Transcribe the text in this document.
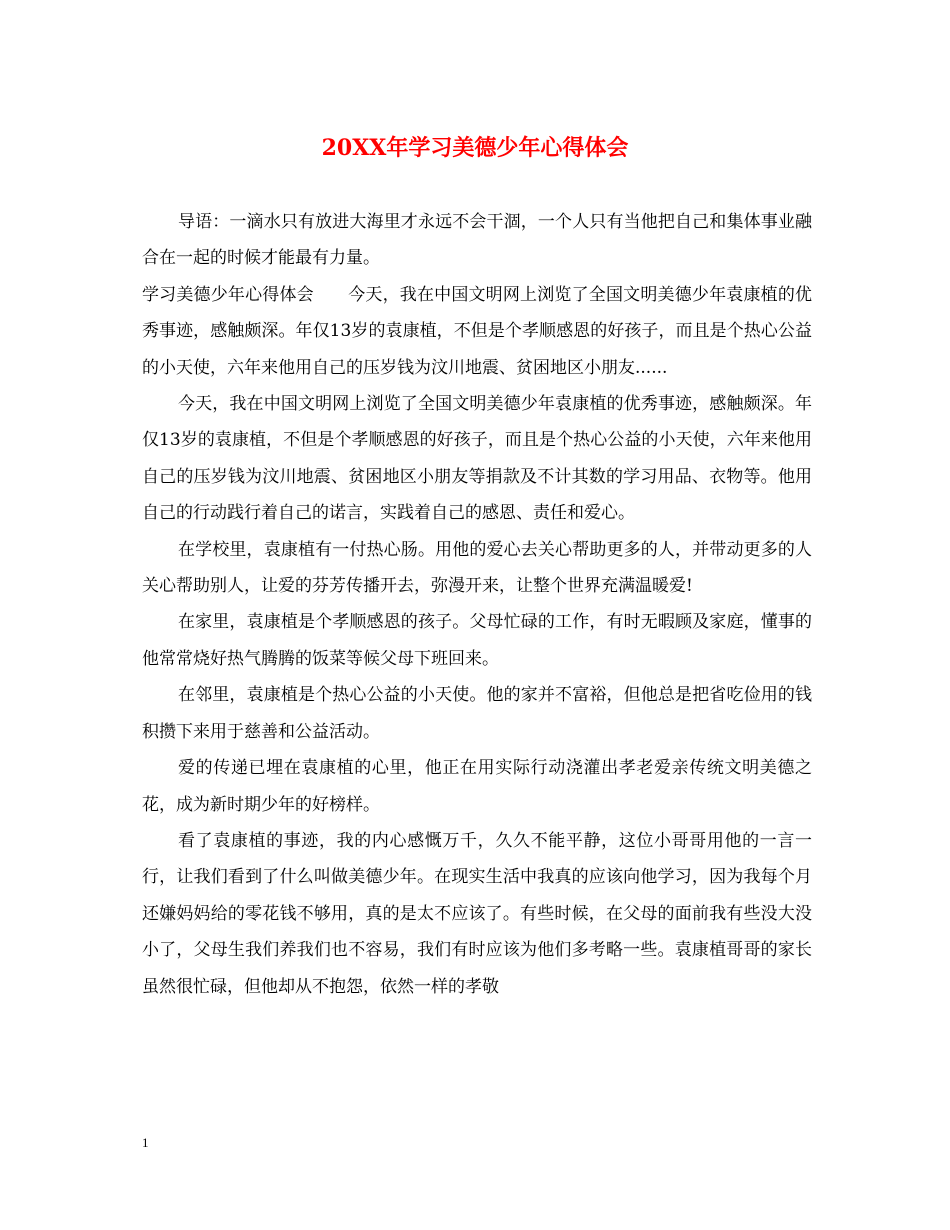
20XX年学习美德少年心得体会

导语：一滴水只有放进大海里才永远不会干涸，一个人只有当他把自己和集体事业融合在一起的时候才能最有力量。

学习美德少年心得体会　　今天，我在中国文明网上浏览了全国文明美德少年袁康植的优秀事迹，感触颇深。年仅13岁的袁康植，不但是个孝顺感恩的好孩子，而且是个热心公益的小天使，六年来他用自己的压岁钱为汶川地震、贫困地区小朋友......

今天，我在中国文明网上浏览了全国文明美德少年袁康植的优秀事迹，感触颇深。年仅13岁的袁康植，不但是个孝顺感恩的好孩子，而且是个热心公益的小天使，六年来他用自己的压岁钱为汶川地震、贫困地区小朋友等捐款及不计其数的学习用品、衣物等。他用自己的行动践行着自己的诺言，实践着自己的感恩、责任和爱心。

在学校里，袁康植有一付热心肠。用他的爱心去关心帮助更多的人，并带动更多的人关心帮助别人，让爱的芬芳传播开去，弥漫开来，让整个世界充满温暖爱!

在家里，袁康植是个孝顺感恩的孩子。父母忙碌的工作，有时无暇顾及家庭，懂事的他常常烧好热气腾腾的饭菜等候父母下班回来。

在邻里，袁康植是个热心公益的小天使。他的家并不富裕，但他总是把省吃俭用的钱积攒下来用于慈善和公益活动。

爱的传递已埋在袁康植的心里，他正在用实际行动浇灌出孝老爱亲传统文明美德之花，成为新时期少年的好榜样。

看了袁康植的事迹，我的内心感慨万千，久久不能平静，这位小哥哥用他的一言一行，让我们看到了什么叫做美德少年。在现实生活中我真的应该向他学习，因为我每个月还嫌妈妈给的零花钱不够用，真的是太不应该了。有些时候，在父母的面前我有些没大没小了，父母生我们养我们也不容易，我们有时应该为他们多考略一些。袁康植哥哥的家长虽然很忙碌，但他却从不抱怨，依然一样的孝敬

1
